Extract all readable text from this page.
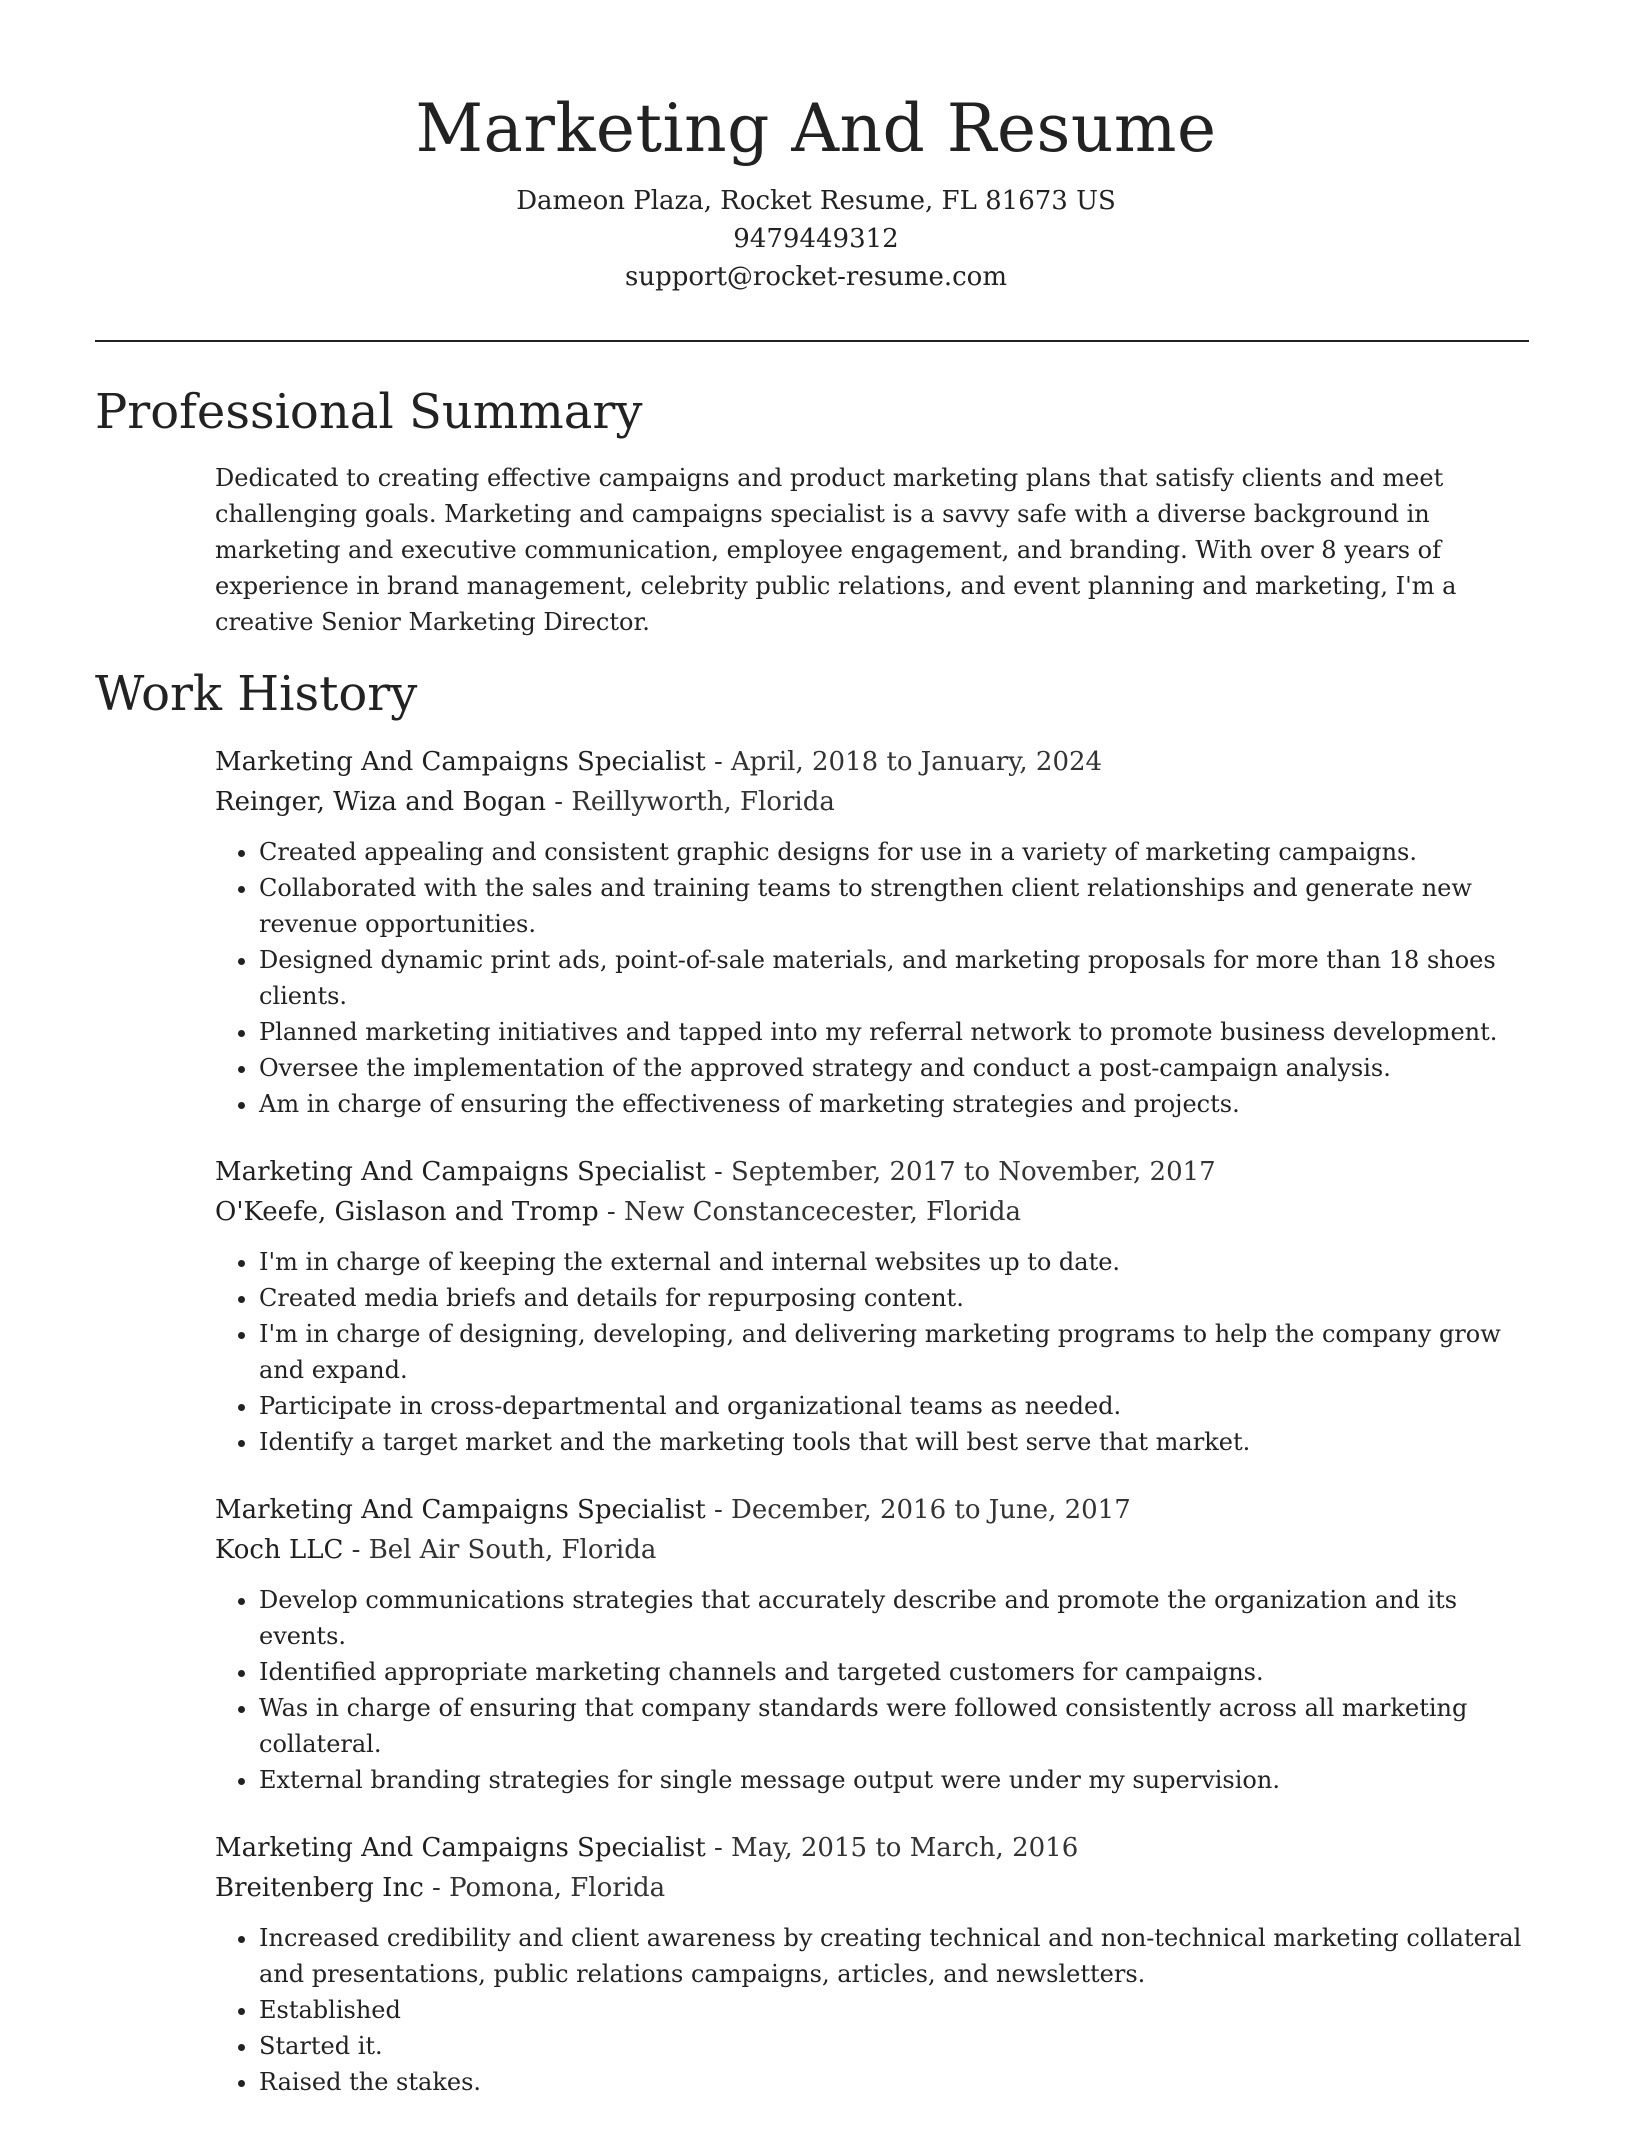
Marketing And Resume

Dameon Plaza, Rocket Resume, FL 81673 US

9479449312

support@rocket-resume.com

Professional Summary

Dedicated to creating effective campaigns and product marketing plans that satisfy clients and meet challenging goals. Marketing and campaigns specialist is a savvy safe with a diverse background in marketing and executive communication, employee engagement, and branding. With over 8 years of experience in brand management, celebrity public relations, and event planning and marketing, I'm a creative Senior Marketing Director.

Work History

Marketing And Campaigns Specialist - April, 2018 to January, 2024

Reinger, Wiza and Bogan - Reillyworth, Florida

• Created appealing and consistent graphic designs for use in a variety of marketing campaigns.
• Collaborated with the sales and training teams to strengthen client relationships and generate new revenue opportunities.
• Designed dynamic print ads, point-of-sale materials, and marketing proposals for more than 18 shoes clients.
• Planned marketing initiatives and tapped into my referral network to promote business development.
• Oversee the implementation of the approved strategy and conduct a post-campaign analysis.
• Am in charge of ensuring the effectiveness of marketing strategies and projects.

Marketing And Campaigns Specialist - September, 2017 to November, 2017

O'Keefe, Gislason and Tromp - New Constancecester, Florida

• I'm in charge of keeping the external and internal websites up to date.
• Created media briefs and details for repurposing content.
• I'm in charge of designing, developing, and delivering marketing programs to help the company grow and expand.
• Participate in cross-departmental and organizational teams as needed.
• Identify a target market and the marketing tools that will best serve that market.

Marketing And Campaigns Specialist - December, 2016 to June, 2017

Koch LLC - Bel Air South, Florida

• Develop communications strategies that accurately describe and promote the organization and its events.
• Identified appropriate marketing channels and targeted customers for campaigns.
• Was in charge of ensuring that company standards were followed consistently across all marketing collateral.
• External branding strategies for single message output were under my supervision.

Marketing And Campaigns Specialist - May, 2015 to March, 2016

Breitenberg Inc - Pomona, Florida

• Increased credibility and client awareness by creating technical and non-technical marketing collateral and presentations, public relations campaigns, articles, and newsletters.
• Established
• Started it.
• Raised the stakes.
